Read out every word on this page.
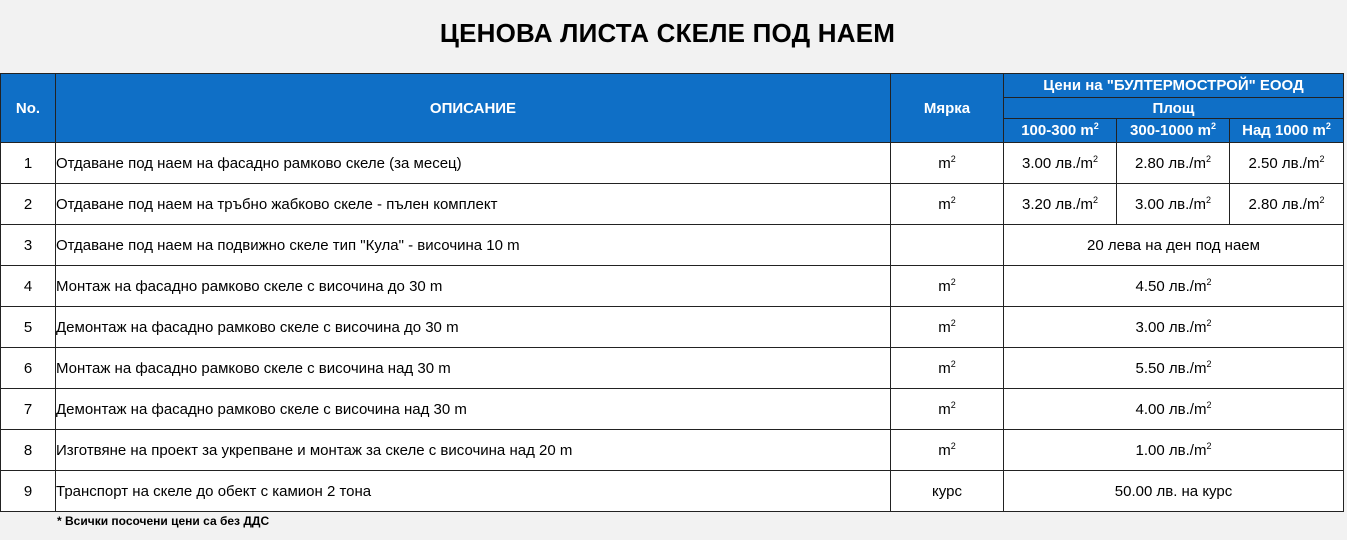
ЦЕНОВА ЛИСТА СКЕЛЕ ПОД НАЕМ
No.	ОПИСАНИЕ	Мярка	Цени на "БУЛТЕРМОСТРОЙ" ЕООД		
			Площ		
			100-300 $m^2$	300-1000 $m^2$	Над 1000 $m^2$
1	Отдаване под наем на фасадно рамково скеле (за месец)	$m^2$	3.00 $лв./m^2$	2.80 $лв./m^2$	2.50 $лв./m^2$
2	Отдаване под наем на тръбно жабково скеле - пълен комплект	$m^2$	3.20 $лв./m^2$	3.00 $лв./m^2$	2.80 $лв./m^2$
3	Отдаване под наем на подвижно скеле тип "Кула" - височина 10 m		20 лева на ден под наем		
4	Монтаж на фасадно рамково скеле с височина до 30 m	$m^2$	4.50 $лв./m^2$
5	Демонтаж на фасадно рамково скеле с височина до 30 m	$m^2$	3.00 $лв./m^2$
6	Монтаж на фасадно рамково скеле с височина над 30 m	$m^2$	5.50 $лв./m^2$
7	Демонтаж на фасадно рамково скеле с височина над 30 m	$m^2$	4.00 $лв./m^2$
8	Изготвяне на проект за укрепване и монтаж за скеле с височина над 20 m	$m^2$	1.00 $лв./m^2$
9	Транспорт на скеле до обект с камион 2 тона	курс	50.00 лв. на курс		
* Всички посочени цени са без ДДС
